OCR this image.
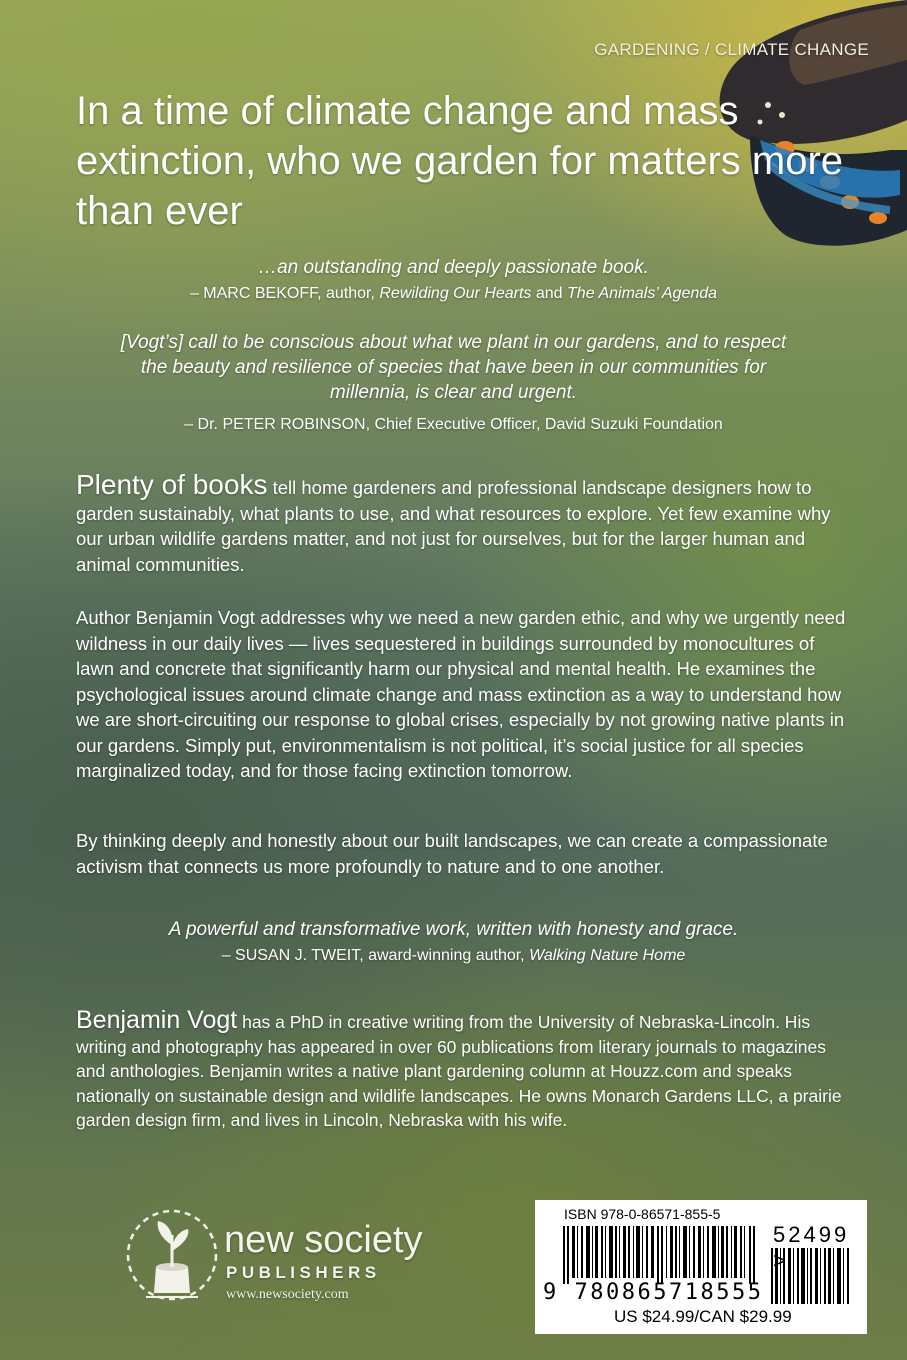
GARDENING / CLIMATE CHANGE
In a time of climate change and mass extinction, who we garden for matters more than ever
…an outstanding and deeply passionate book.
– MARC BEKOFF, author, Rewilding Our Hearts and The Animals’ Agenda
[Vogt’s] call to be conscious about what we plant in our gardens, and to respect the beauty and resilience of species that have been in our communities for millennia, is clear and urgent.
– Dr. PETER ROBINSON, Chief Executive Officer, David Suzuki Foundation
Plenty of books tell home gardeners and professional landscape designers how to garden sustainably, what plants to use, and what resources to explore. Yet few examine why our urban wildlife gardens matter, and not just for ourselves, but for the larger human and animal communities.
Author Benjamin Vogt addresses why we need a new garden ethic, and why we urgently need wildness in our daily lives — lives sequestered in buildings surrounded by monocultures of lawn and concrete that significantly harm our physical and mental health. He examines the psychological issues around climate change and mass extinction as a way to understand how we are short-circuiting our response to global crises, especially by not growing native plants in our gardens. Simply put, environmentalism is not political, it’s social justice for all species marginalized today, and for those facing extinction tomorrow.
By thinking deeply and honestly about our built landscapes, we can create a compassionate activism that connects us more profoundly to nature and to one another.
A powerful and transformative work, written with honesty and grace.
– SUSAN J. TWEIT, award-winning author, Walking Nature Home
Benjamin Vogt has a PhD in creative writing from the University of Nebraska-Lincoln. His writing and photography has appeared in over 60 publications from literary journals to magazines and anthologies. Benjamin writes a native plant gardening column at Houzz.com and speaks nationally on sustainable design and wildlife landscapes. He owns Monarch Gardens LLC, a prairie garden design firm, and lives in Lincoln, Nebraska with his wife.
new society
PUBLISHERS
www.newsociety.com
ISBN 978-0-86571-855-5
52499 >
9 780865718555
US $24.99/CAN $29.99
